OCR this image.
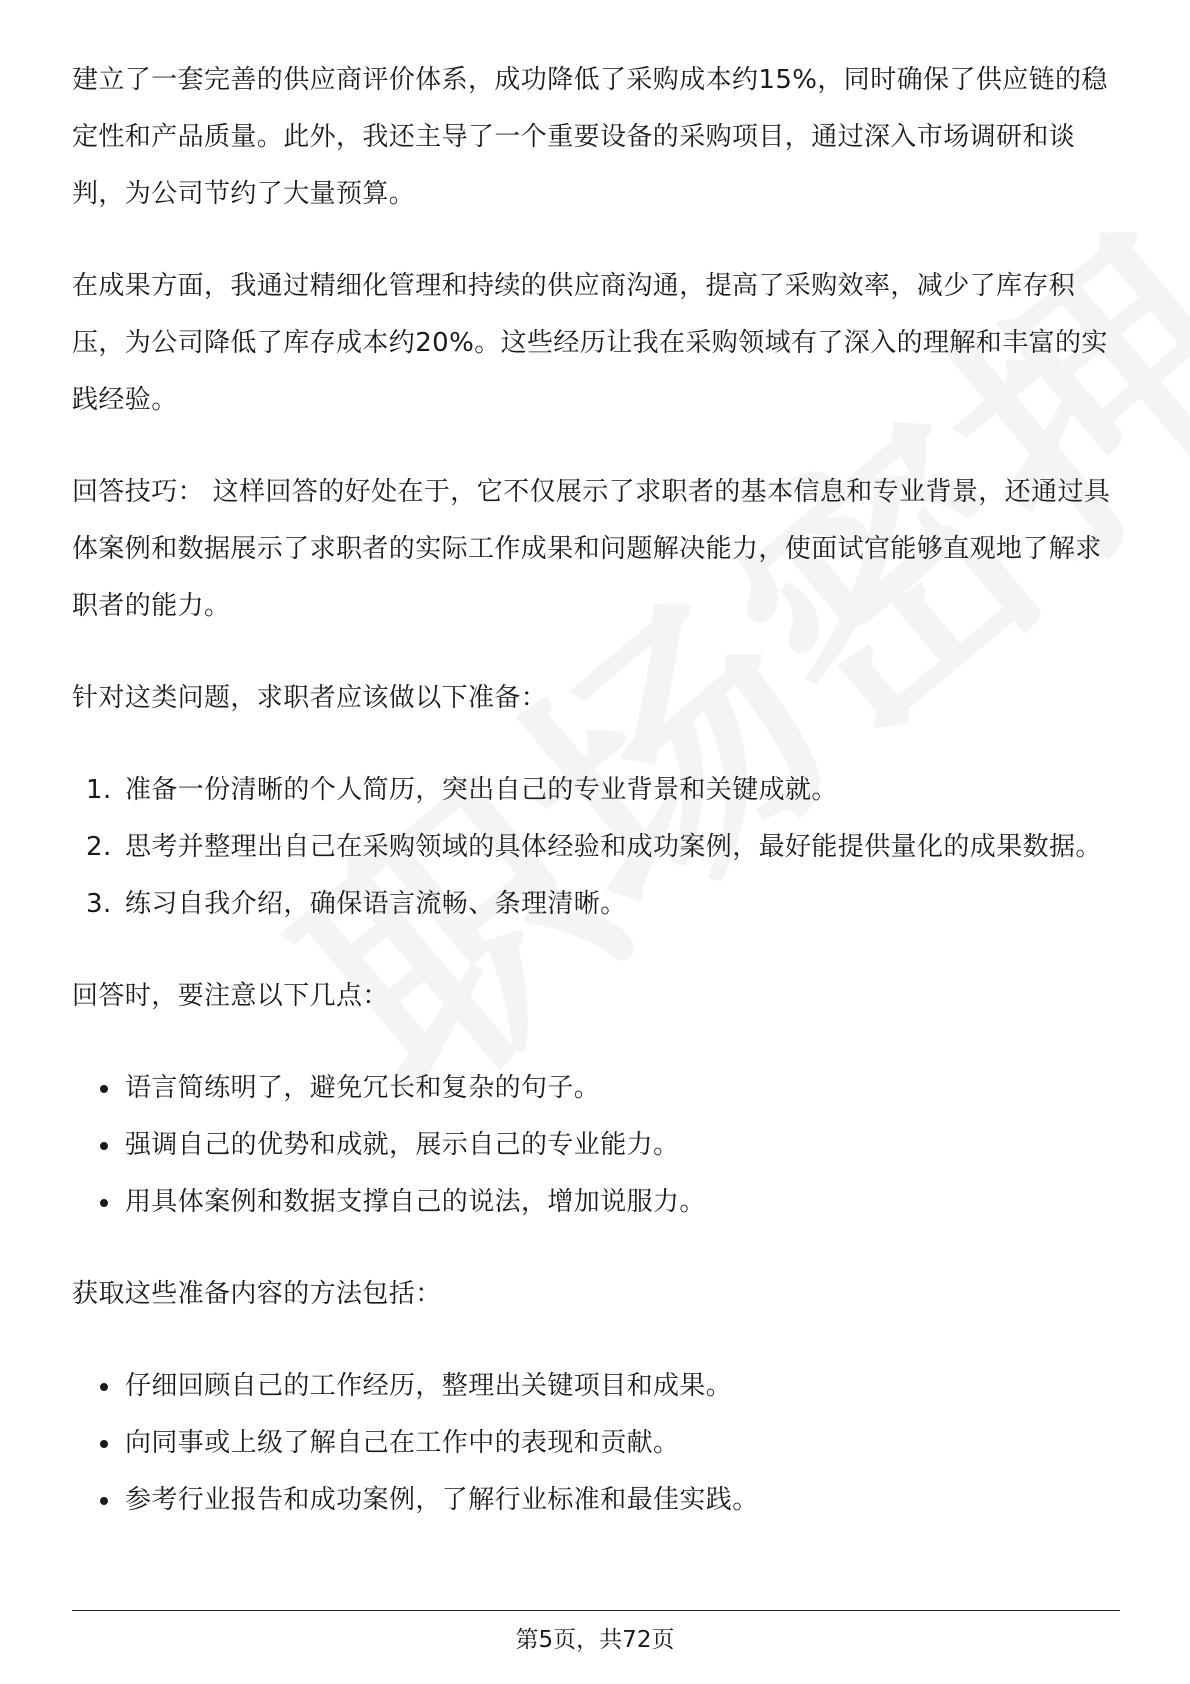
建立了一套完善的供应商评价体系，成功降低了采购成本约15%，同时确保了供应链的稳定性和产品质量。此外，我还主导了一个重要设备的采购项目，通过深入市场调研和谈判，为公司节约了大量预算。

在成果方面，我通过精细化管理和持续的供应商沟通，提高了采购效率，减少了库存积压，为公司降低了库存成本约20%。这些经历让我在采购领域有了深入的理解和丰富的实践经验。

回答技巧： 这样回答的好处在于，它不仅展示了求职者的基本信息和专业背景，还通过具体案例和数据展示了求职者的实际工作成果和问题解决能力，使面试官能够直观地了解求职者的能力。

针对这类问题，求职者应该做以下准备：

1. 准备一份清晰的个人简历，突出自己的专业背景和关键成就。
2. 思考并整理出自己在采购领域的具体经验和成功案例，最好能提供量化的成果数据。
3. 练习自我介绍，确保语言流畅、条理清晰。

回答时，要注意以下几点：

语言简练明了，避免冗长和复杂的句子。
强调自己的优势和成就，展示自己的专业能力。
用具体案例和数据支撑自己的说法，增加说服力。

获取这些准备内容的方法包括：

仔细回顾自己的工作经历，整理出关键项目和成果。
向同事或上级了解自己在工作中的表现和贡献。
参考行业报告和成功案例，了解行业标准和最佳实践。
第5页，共72页
